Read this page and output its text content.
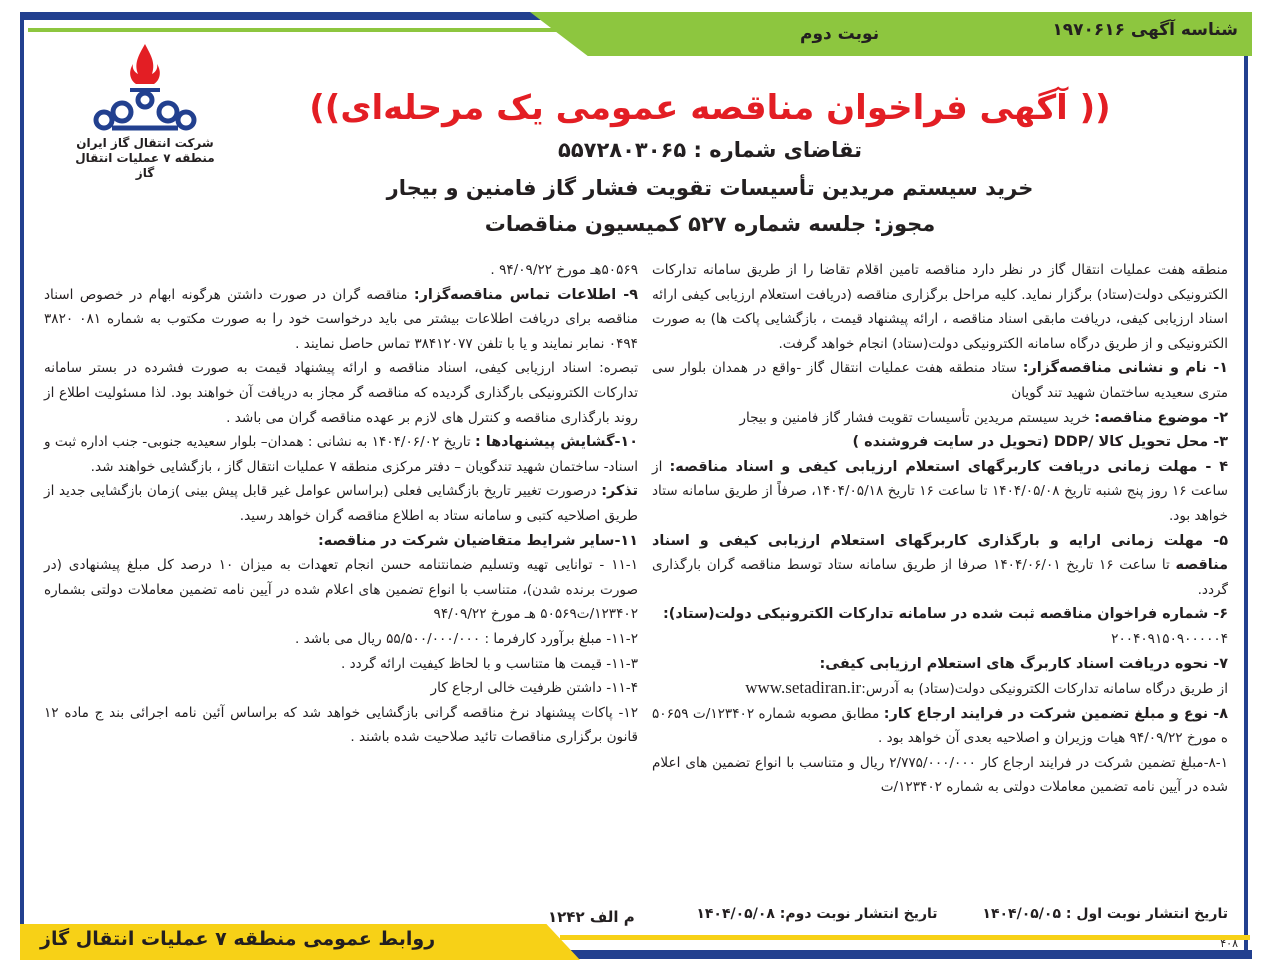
شناسه آگهی ۱۹۷۰۶۱۶
نوبت دوم
شرکت انتقال گاز ایران
منطقه ۷ عملیات انتقال گاز
(( آگهی فراخوان مناقصه عمومی یک مرحله‌ای))
تقاضای شماره : ۵۵۷۲۸۰۳۰۶۵
خرید سیستم مریدین تأسیسات تقویت فشار گاز فامنین و بیجار
مجوز: جلسه شماره ۵۲۷ کمیسیون مناقصات

منطقه هفت عملیات انتقال گاز در نظر دارد مناقصه تامین اقلام تقاضا را از طریق سامانه تدارکات الکترونیکی دولت(ستاد) برگزار نماید. کلیه مراحل برگزاری مناقصه (دریافت استعلام ارزیابی کیفی ارائه اسناد ارزیابی کیفی، دریافت مابقی اسناد مناقصه ، ارائه پیشنهاد قیمت ، بازگشایی پاکت ها) به صورت الکترونیکی و از طریق درگاه سامانه الکترونیکی دولت(ستاد) انجام خواهد گرفت.

۱- نام و نشانی مناقصه‌گزار: ستاد منطقه هفت عملیات انتقال گاز -واقع در همدان بلوار سی متری سعیدیه ساختمان شهید تند گویان

۲- موضوع مناقصه: خرید سیستم مریدین تأسیسات تقویت فشار گاز فامنین و بیجار

۳- محل تحویل کالا /DDP (تحویل در سایت فروشنده )

۴ - مهلت زمانی دریافت کاربرگهای استعلام ارزیابی کیفی و اسناد مناقصه: از ساعت ۱۶ روز پنج شنبه تاریخ ۱۴۰۴/۰۵/۰۸ تا ساعت ۱۶ تاریخ ۱۴۰۴/۰۵/۱۸، صرفاً از طریق سامانه ستاد خواهد بود.

۵- مهلت زمانی ارایه و بارگذاری کاربرگهای استعلام ارزیابی کیفی و اسناد مناقصه تا ساعت ۱۶ تاریخ ۱۴۰۴/۰۶/۰۱ صرفا از طریق سامانه ستاد توسط مناقصه گران بارگذاری گردد.

۶- شماره فراخوان مناقصه ثبت شده در سامانه تدارکات الکترونیکی دولت(ستاد):

۲۰۰۴۰۹۱۵۰۹۰۰۰۰۰۴

۷- نحوه دریافت اسناد کاربرگ های استعلام ارزیابی کیفی:

از طریق درگاه سامانه تدارکات الکترونیکی دولت(ستاد) به آدرس:www.setadiran.ir

۸- نوع و مبلغ تضمین شرکت در فرایند ارجاع کار: مطابق مصوبه شماره ۱۲۳۴۰۲/ت ۵۰۶۵۹ ه مورخ ۹۴/۰۹/۲۲ هیات وزیران و اصلاحیه بعدی آن خواهد بود .

۸-۱-مبلغ تضمین شرکت در فرایند ارجاع کار ۲/۷۷۵/۰۰۰/۰۰۰ ریال و متناسب با انواع تضمین های اعلام شده در آیین نامه تضمین معاملات دولتی به شماره ۱۲۳۴۰۲/ت

۵۰۵۶۹هـ مورخ ۹۴/۰۹/۲۲ .

۹- اطلاعات تماس مناقصه‌گزار: مناقصه گران در صورت داشتن هرگونه ابهام در خصوص اسناد مناقصه برای دریافت اطلاعات بیشتر می باید درخواست خود را به صورت مکتوب به شماره ۰۸۱ ۳۸۲۰ ۰۴۹۴ نمابر نمایند و یا با تلفن ۳۸۴۱۲۰۷۷ تماس حاصل نمایند .

تبصره: اسناد ارزیابی کیفی، اسناد مناقصه و ارائه پیشنهاد قیمت به صورت فشرده در بستر سامانه تدارکات الکترونیکی بارگذاری گردیده که مناقصه گر مجاز به دریافت آن خواهند بود. لذا مسئولیت اطلاع از روند بارگذاری مناقصه و کنترل های لازم بر عهده مناقصه گران می باشد .

۱۰-گشایش پیشنهادها : تاریخ ۱۴۰۴/۰۶/۰۲ به نشانی : همدان– بلوار سعیدیه جنوبی- جنب اداره ثبت و اسناد- ساختمان شهید تندگویان – دفتر مرکزی منطقه ۷ عملیات انتقال گاز ، بازگشایی خواهند شد.

تذکر: درصورت تغییر تاریخ بازگشایی فعلی (براساس عوامل غیر قابل پیش بینی )زمان بازگشایی جدید از طریق اصلاحیه کتبی و سامانه ستاد به اطلاع مناقصه گران خواهد رسید.

۱۱-سایر شرایط متقاضیان شرکت در مناقصه:

۱۱-۱ - توانایی تهیه وتسلیم ضمانتنامه حسن انجام تعهدات به میزان ۱۰ درصد کل مبلغ پیشنهادی (در صورت برنده شدن)، متناسب با انواع تضمین های اعلام شده در آیین نامه تضمین معاملات دولتی بشماره ۱۲۳۴۰۲/ت۵۰۵۶۹ هـ مورخ ۹۴/۰۹/۲۲

۱۱-۲- مبلغ برآورد کارفرما : ۵۵/۵۰۰/۰۰۰/۰۰۰ ریال می باشد .

۱۱-۳- قیمت ها متناسب و با لحاظ کیفیت ارائه گردد .

۱۱-۴- داشتن ظرفیت خالی ارجاع کار

۱۲- پاکات پیشنهاد نرخ مناقصه گرانی بازگشایی خواهد شد که براساس آئین نامه اجرائی بند ج ماده ۱۲ قانون برگزاری مناقصات تائید صلاحیت شده باشند .

تاریخ انتشار نوبت اول : ۱۴۰۴/۰۵/۰۵ تاریخ انتشار نوبت دوم: ۱۴۰۴/۰۵/۰۸
م الف ۱۲۴۲
روابط عمومی منطقه ۷ عملیات انتقال گاز	۴۰۸
